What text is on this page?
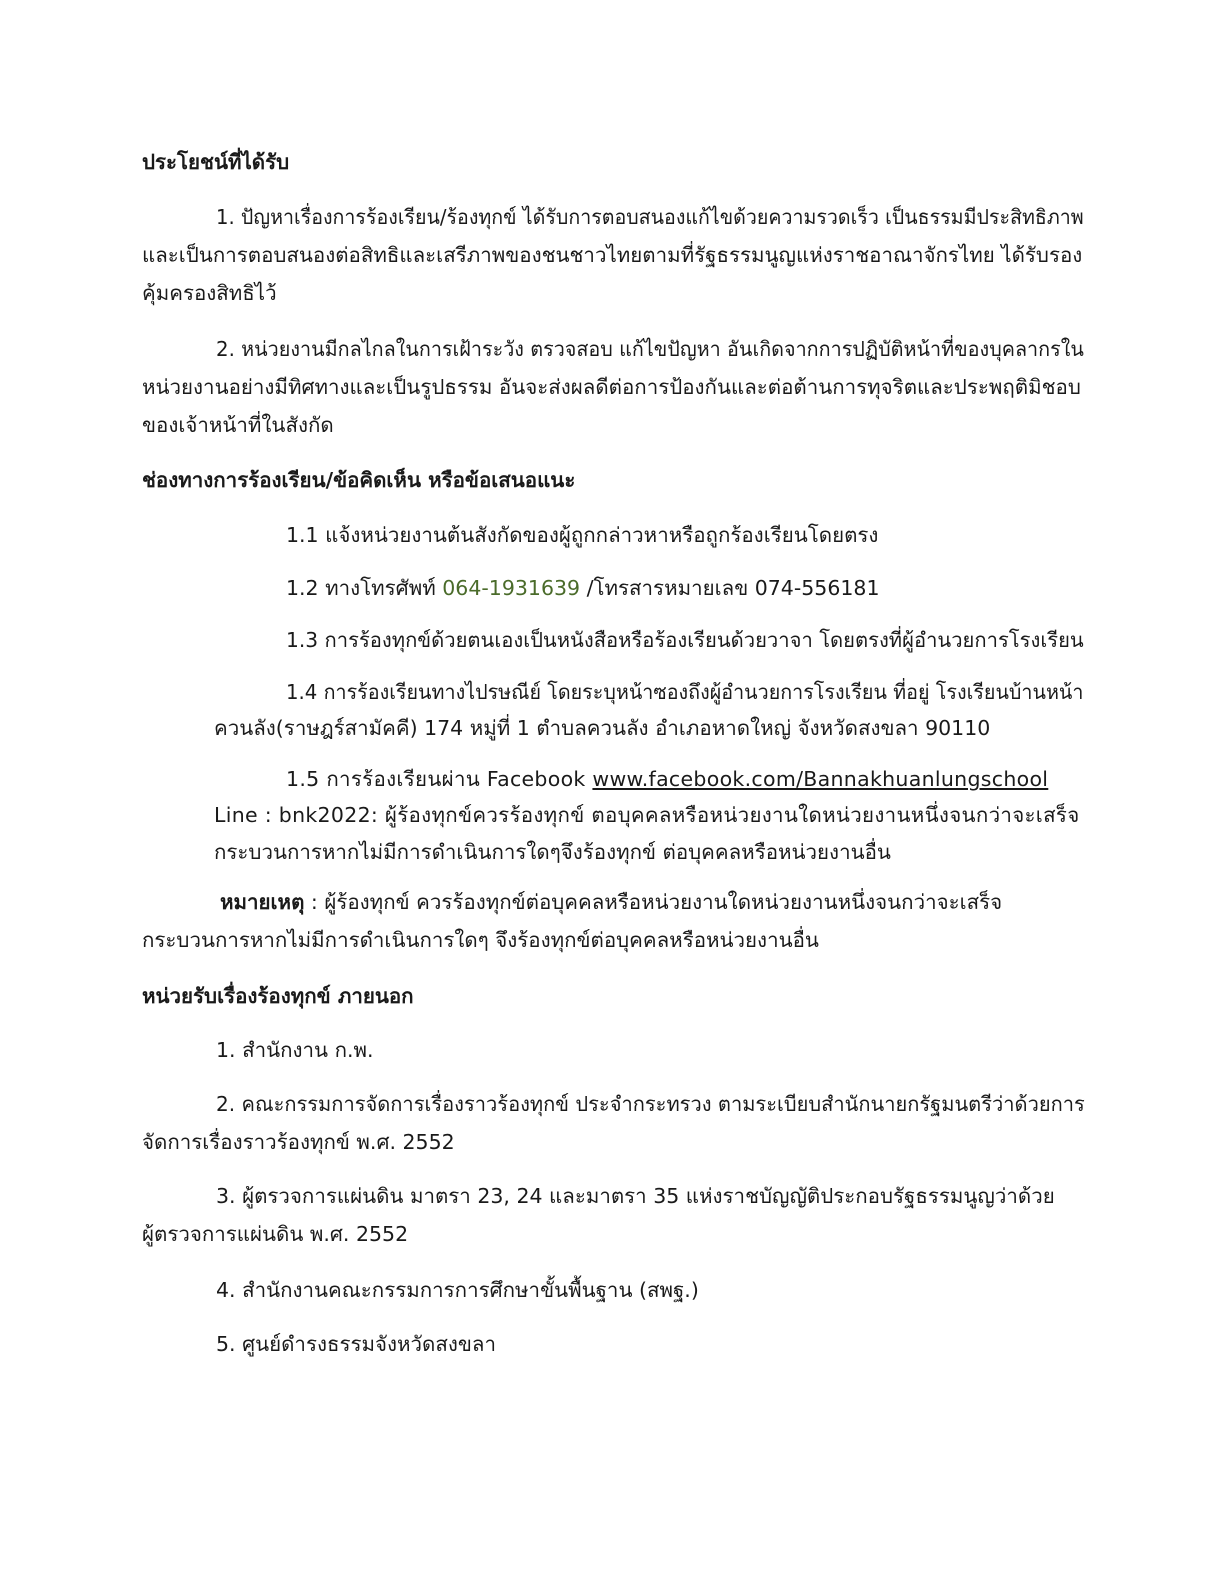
ประโยชน์ที่ได้รับ
1. ปัญหาเรื่องการร้องเรียน/ร้องทุกข์ ได้รับการตอบสนองแก้ไขด้วยความรวดเร็ว เป็นธรรมมีประสิทธิภาพ
และเป็นการตอบสนองต่อสิทธิและเสรีภาพของชนชาวไทยตามที่รัฐธรรมนูญแห่งราชอาณาจักรไทย ได้รับรอง
คุ้มครองสิทธิไว้
2. หน่วยงานมีกลไกลในการเฝ้าระวัง ตรวจสอบ แก้ไขปัญหา อันเกิดจากการปฏิบัติหน้าที่ของบุคลากรใน
หน่วยงานอย่างมีทิศทางและเป็นรูปธรรม อันจะส่งผลดีต่อการป้องกันและต่อต้านการทุจริตและประพฤติมิชอบ
ของเจ้าหน้าที่ในสังกัด
ช่องทางการร้องเรียน/ข้อคิดเห็น หรือข้อเสนอแนะ
1.1 แจ้งหน่วยงานต้นสังกัดของผู้ถูกกล่าวหาหรือถูกร้องเรียนโดยตรง
1.2 ทางโทรศัพท์ 064-1931639 /โทรสารหมายเลข 074-556181
1.3 การร้องทุกข์ด้วยตนเองเป็นหนังสือหรือร้องเรียนด้วยวาจา โดยตรงที่ผู้อำนวยการโรงเรียน
1.4 การร้องเรียนทางไปรษณีย์ โดยระบุหน้าซองถึงผู้อำนวยการโรงเรียน ที่อยู่ โรงเรียนบ้านหน้า
ควนลัง(ราษฎร์สามัคคี) 174 หมู่ที่ 1 ตำบลควนลัง อำเภอหาดใหญ่ จังหวัดสงขลา 90110
1.5 การร้องเรียนผ่าน Facebook www.facebook.com/Bannakhuanlungschool
Line : bnk2022: ผู้ร้องทุกข์ควรร้องทุกข์ ตอบุคคลหรือหน่วยงานใดหน่วยงานหนึ่งจนกว่าจะเสร็จ
กระบวนการหากไม่มีการดำเนินการใดๆจึงร้องทุกข์ ต่อบุคคลหรือหน่วยงานอื่น
หมายเหตุ : ผู้ร้องทุกข์ ควรร้องทุกข์ต่อบุคคลหรือหน่วยงานใดหน่วยงานหนึ่งจนกว่าจะเสร็จ
กระบวนการหากไม่มีการดำเนินการใดๆ จึงร้องทุกข์ต่อบุคคลหรือหน่วยงานอื่น
หน่วยรับเรื่องร้องทุกข์ ภายนอก
1. สำนักงาน ก.พ.
2. คณะกรรมการจัดการเรื่องราวร้องทุกข์ ประจำกระทรวง ตามระเบียบสำนักนายกรัฐมนตรีว่าด้วยการ
จัดการเรื่องราวร้องทุกข์ พ.ศ. 2552
3. ผู้ตรวจการแผ่นดิน มาตรา 23, 24 และมาตรา 35 แห่งราชบัญญัติประกอบรัฐธรรมนูญว่าด้วย
ผู้ตรวจการแผ่นดิน พ.ศ. 2552
4. สำนักงานคณะกรรมการการศึกษาขั้นพื้นฐาน (สพฐ.)
5. ศูนย์ดำรงธรรมจังหวัดสงขลา
